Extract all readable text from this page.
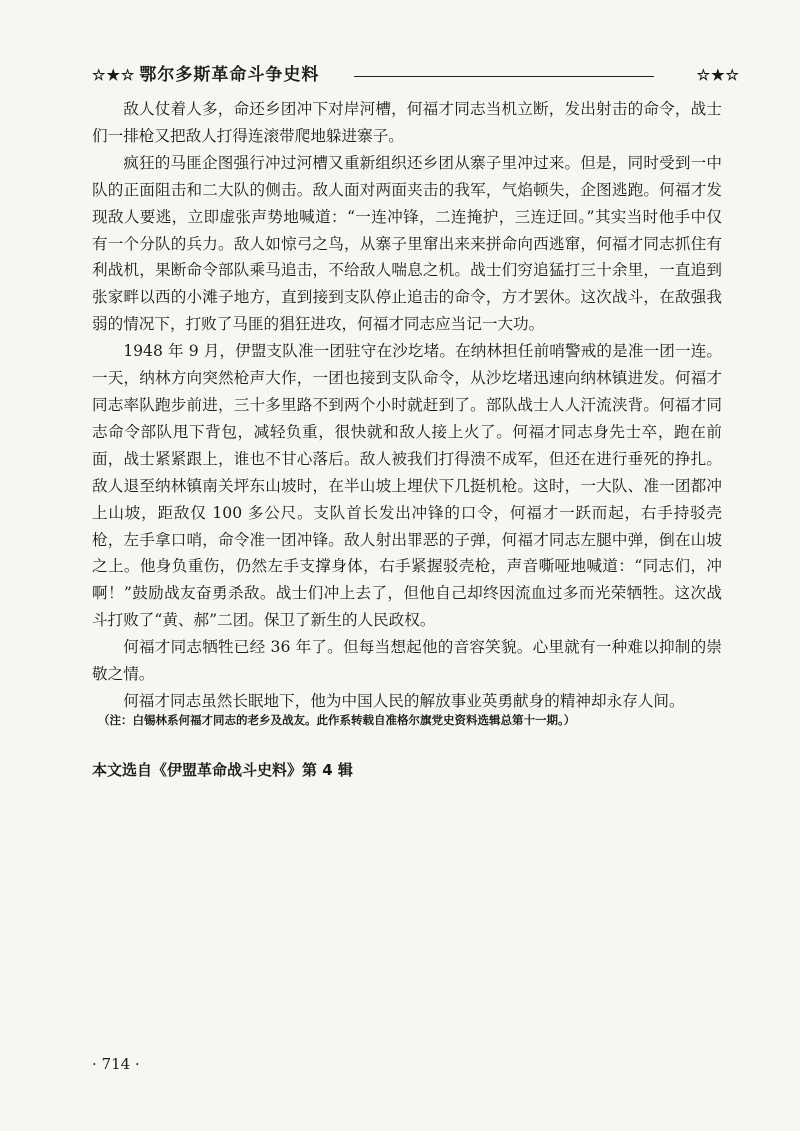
☆★☆ 鄂尔多斯革命斗争史料	☆★☆

敌人仗着人多，命还乡团冲下对岸河槽，何福才同志当机立断，发出射击的命令，战士们一排枪又把敌人打得连滚带爬地躲进寨子。

疯狂的马匪企图强行冲过河槽又重新组织还乡团从寨子里冲过来。但是，同时受到一中队的正面阻击和二大队的侧击。敌人面对两面夹击的我军，气焰顿失，企图逃跑。何福才发现敌人要逃，立即虚张声势地喊道：“一连冲锋，二连掩护，三连迂回。”其实当时他手中仅有一个分队的兵力。敌人如惊弓之鸟，从寨子里窜出来来拼命向西逃窜，何福才同志抓住有利战机，果断命令部队乘马追击，不给敌人喘息之机。战士们穷追猛打三十余里，一直追到张家畔以西的小滩子地方，直到接到支队停止追击的命令，方才罢休。这次战斗，在敌强我弱的情况下，打败了马匪的猖狂进攻，何福才同志应当记一大功。

1948 年 9 月，伊盟支队准一团驻守在沙圪堵。在纳林担任前哨警戒的是准一团一连。一天，纳林方向突然枪声大作，一团也接到支队命令，从沙圪堵迅速向纳林镇进发。何福才同志率队跑步前进，三十多里路不到两个小时就赶到了。部队战士人人汗流浃背。何福才同志命令部队甩下背包，减轻负重，很快就和敌人接上火了。何福才同志身先士卒，跑在前面，战士紧紧跟上，谁也不甘心落后。敌人被我们打得溃不成军，但还在进行垂死的挣扎。敌人退至纳林镇南关坪东山坡时，在半山坡上埋伏下几挺机枪。这时，一大队、准一团都冲上山坡，距敌仅 100 多公尺。支队首长发出冲锋的口令，何福才一跃而起，右手持驳壳枪，左手拿口哨，命令准一团冲锋。敌人射出罪恶的子弹，何福才同志左腿中弹，倒在山坡之上。他身负重伤，仍然左手支撑身体，右手紧握驳壳枪，声音嘶哑地喊道：“同志们，冲啊！”鼓励战友奋勇杀敌。战士们冲上去了，但他自己却终因流血过多而光荣牺牲。这次战斗打败了“黄、郝”二团。保卫了新生的人民政权。

何福才同志牺牲已经 36 年了。但每当想起他的音容笑貌。心里就有一种难以抑制的崇敬之情。

何福才同志虽然长眠地下，他为中国人民的解放事业英勇献身的精神却永存人间。

（注：白锡林系何福才同志的老乡及战友。此作系转载自准格尔旗党史资料选辑总第十一期。）
本文选自《伊盟革命战斗史料》第 4 辑
· 714 ·
